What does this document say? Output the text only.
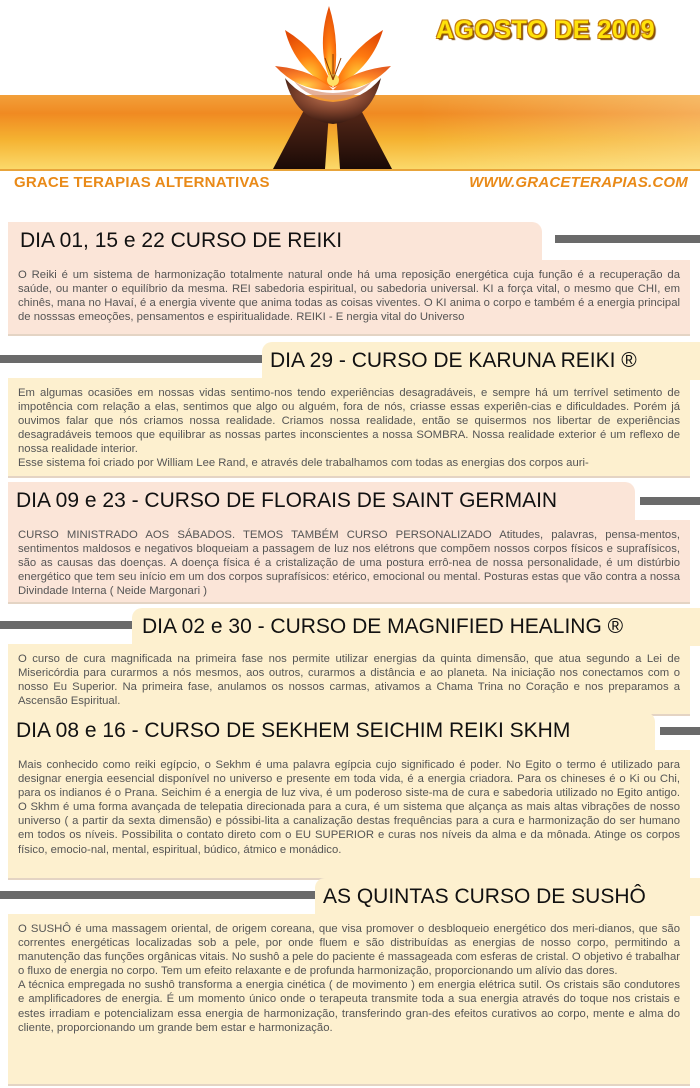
AGOSTO DE 2009
GRACE TERAPIAS ALTERNATIVAS	WWW.GRACETERAPIAS.COM
DIA 01, 15 e 22 CURSO DE REIKI

O Reiki é um sistema de harmonização totalmente natural onde há uma reposição energética cuja função é a recuperação da saúde, ou manter o equilíbrio da mesma. REI sabedoria espiritual, ou sabedoria universal. KI a força vital, o mesmo que CHI, em chinês, mana no Havaí, é a energia vivente que anima todas as coisas viventes. O KI anima o corpo e também é a energia principal de nosssas emeoções, pensamentos e espiritualidade. REIKI - E nergia vital do Universo

DIA 29 - CURSO DE KARUNA REIKI ®

Em algumas ocasiões em nossas vidas sentimo-nos tendo experiências desagradáveis, e sempre há um terrível setimento de impotência com relação a elas, sentimos que algo ou alguém, fora de nós, criasse essas experiên-cias e dificuldades. Porém já ouvimos falar que nós criamos nossa realidade. Criamos nossa realidade, então se quisermos nos libertar de experiências desagradáveis temoos que equilibrar as nossas partes inconscientes a nossa SOMBRA. Nossa realidade exterior é um reflexo de nossa realidade interior.

Esse sistema foi criado por William Lee Rand, e através dele trabalhamos com todas as energias dos corpos auri-

DIA 09 e 23 - CURSO DE FLORAIS DE SAINT GERMAIN

CURSO MINISTRADO AOS SÁBADOS. TEMOS TAMBÉM CURSO PERSONALIZADO Atitudes, palavras, pensa-mentos, sentimentos maldosos e negativos bloqueiam a passagem de luz nos elétrons que compõem nossos corpos físicos e suprafísicos, são as causas das doenças. A doença física é a cristalização de uma postura errô-nea de nossa personalidade, é um distúrbio energético que tem seu início em um dos corpos suprafísicos: etérico, emocional ou mental. Posturas estas que vão contra a nossa Divindade Interna ( Neide Margonari )

DIA 02 e 30 - CURSO DE MAGNIFIED HEALING ®

O curso de cura magnificada na primeira fase nos permite utilizar energias da quinta dimensão, que atua segundo a Lei de Misericórdia para curarmos a nós mesmos, aos outros, curarmos a distância e ao planeta. Na iniciação nos conectamos com o nosso Eu Superior. Na primeira fase, anulamos os nossos carmas, ativamos a Chama Trina no Coração e nos preparamos a Ascensão Espiritual.

DIA 08 e 16 - CURSO DE SEKHEM SEICHIM REIKI SKHM

Mais conhecido como reiki egípcio, o Sekhm é uma palavra egípcia cujo significado é poder. No Egito o termo é utilizado para designar energia eesencial disponível no universo e presente em toda vida, é a energia criadora. Para os chineses é o Ki ou Chi, para os indianos é o Prana. Seichim é a energia de luz viva, é um poderoso siste-ma de cura e sabedoria utilizado no Egito antigo. O Skhm é uma forma avançada de telepatia direcionada para a cura, é um sistema que alçança as mais altas vibrações de nosso universo ( a partir da sexta dimensão) e póssibi-lita a canalização destas frequências para a cura e harmonização do ser humano em todos os níveis. Possibilita o contato direto com o EU SUPERIOR e curas nos níveis da alma e da mônada. Atinge os corpos físico, emocio-nal, mental, espiritual, búdico, átmico e monádico.

AS QUINTAS CURSO DE SUSHÔ

O SUSHÔ é uma massagem oriental, de origem coreana, que visa promover o desbloqueio energético dos meri-dianos, que são correntes energéticas localizadas sob a pele, por onde fluem e são distribuídas as energias de nosso corpo, permitindo a manutenção das funções orgânicas vitais. No sushô a pele do paciente é massageada com esferas de cristal. O objetivo é trabalhar o fluxo de energia no corpo. Tem um efeito relaxante e de profunda harmonização, proporcionando um alívio das dores.

A técnica empregada no sushô transforma a energia cinética ( de movimento ) em energia elétrica sutil. Os cristais são condutores e amplificadores de energia. É um momento único onde o terapeuta transmite toda a sua energia através do toque nos cristais e estes irradiam e potencializam essa energia de harmonização, transferindo gran-des efeitos curativos ao corpo, mente e alma do cliente, proporcionando um grande bem estar e harmonização.
